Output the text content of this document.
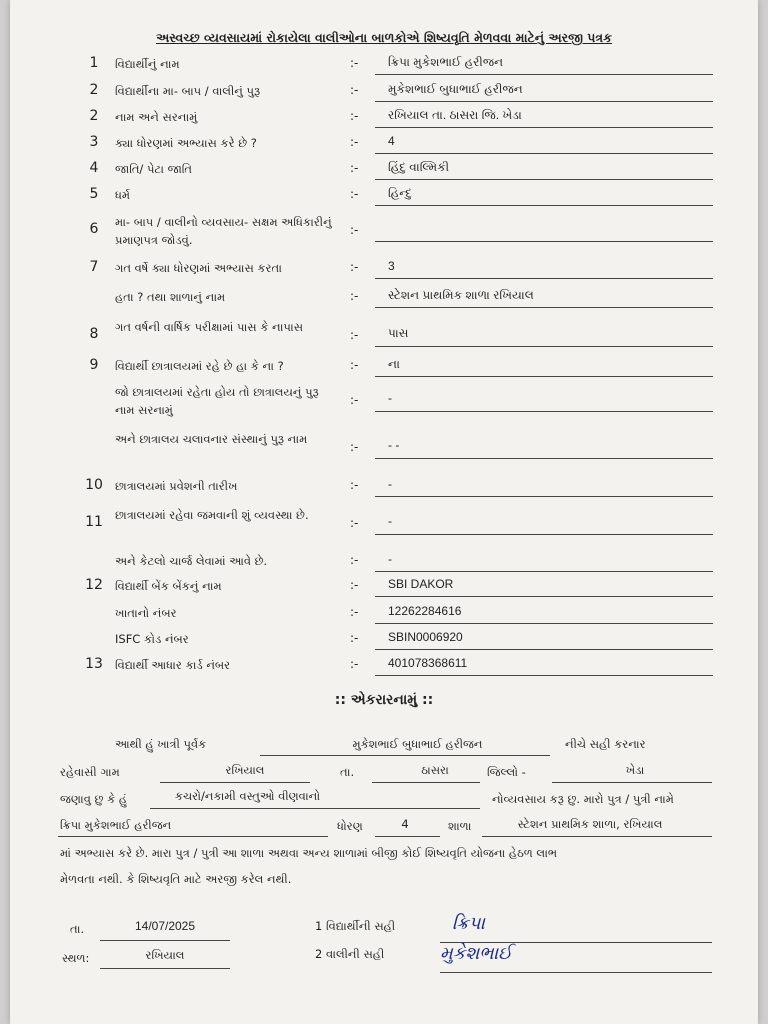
અસ્વચ્છ વ્યવસાયમાં રોકાયેલા વાલીઓના બાળકોએ શિષ્યવૃતિ મેળવવા માટેનું અરજી પત્રક
1	વિદ્યાર્થીનું નામ	:- ક્રિપા મુકેશભાઈ હરીજન
2	વિદ્યાર્થીના મા- બાપ / વાલીનું પુરૂ	:- મુકેશભાઈ બુધાભાઈ હરીજન
2	નામ અને સરનામું	:- રખિયાલ તા. ઠાસરા જિ. ખેડા
3	ક્યા ધોરણમાં અભ્યાસ કરે છે ?	:- 4
4	જાતિ/ પેટા જાતિ	:- હિંદુ વાલ્મિકી
5	ધર્મ	:- હિન્દુ
6	મા- બાપ / વાલીનો વ્યવસાય- સક્ષમ અધિકારીનું પ્રમાણપત્ર જોડવું.
:-
7	ગત વર્ષે ક્યા ધોરણમાં અભ્યાસ કરતા	:- 3
હતા ? તથા શાળાનું નામ	:- સ્ટેશન પ્રાથમિક શાળા રખિયાલ
8	ગત વર્ષની વાર્ષિક પરીક્ષામાં પાસ કે નાપાસ
:- પાસ
9	વિદ્યાર્થી છાત્રાલયમાં રહે છે હા કે ના ?	:- ના
જો છાત્રાલયમાં રહેતા હોય તો છાત્રાલયનું પુરૂ નામ સરનામું
:- -
અને છાત્રાલય ચલાવનાર સંસ્થાનું પુરૂ નામ
:- - -
10	છાત્રાલયમાં પ્રવેશની તારીખ	:- -
11	છાત્રાલયમાં રહેવા જમવાની શું વ્યવસ્થા છે.
:- -
અને કેટલો ચાર્જ લેવામાં આવે છે.	:- -
12	વિદ્યાર્થી બેંક બેંકનું નામ	:- SBI DAKOR
ખાતાનો નંબર	:- 12262284616
ISFC કોડ નંબર	:- SBIN0006920
13	વિદ્યાર્થી આધાર કાર્ડ નંબર	:- 401078368611
:: એકરારનામું ::
આથી હું ખાત્રી પૂર્વક	મુકેશભાઈ બુધાભાઈ હરીજન	નીચે સહી કરનાર
રહેવાસી ગામ	રખિયાલ	તા.	ઠાસરા	જિલ્લો -	ખેડા
જણાવુ છુ કે હું	કચરો/નકામી વસ્તુઓ વીણવાનો	નોવ્યવસાય કરૂ છુ. મારો પુત્ર / પુત્રી નામે
ક્રિપા મુકેશભાઈ હરીજન	ધોરણ	4	શાળા	સ્ટેશન પ્રાથમિક શાળા, રખિયાલ
માં અભ્યાસ કરે છે. મારા પુત્ર / પુત્રી આ શાળા અથવા અન્ય શાળામાં બીજી કોઈ શિષ્યવૃતિ યોજના હેઠળ લાભ
મેળવતા નથી. કે શિષ્યવૃતિ માટે અરજી કરેલ નથી.
તા.	14/07/2025
સ્થળ:	રખિયાલ
1 વિદ્યાર્થીની સહી	ક્રિપા
2 વાલીની સહી	મુકેશભાઈ
